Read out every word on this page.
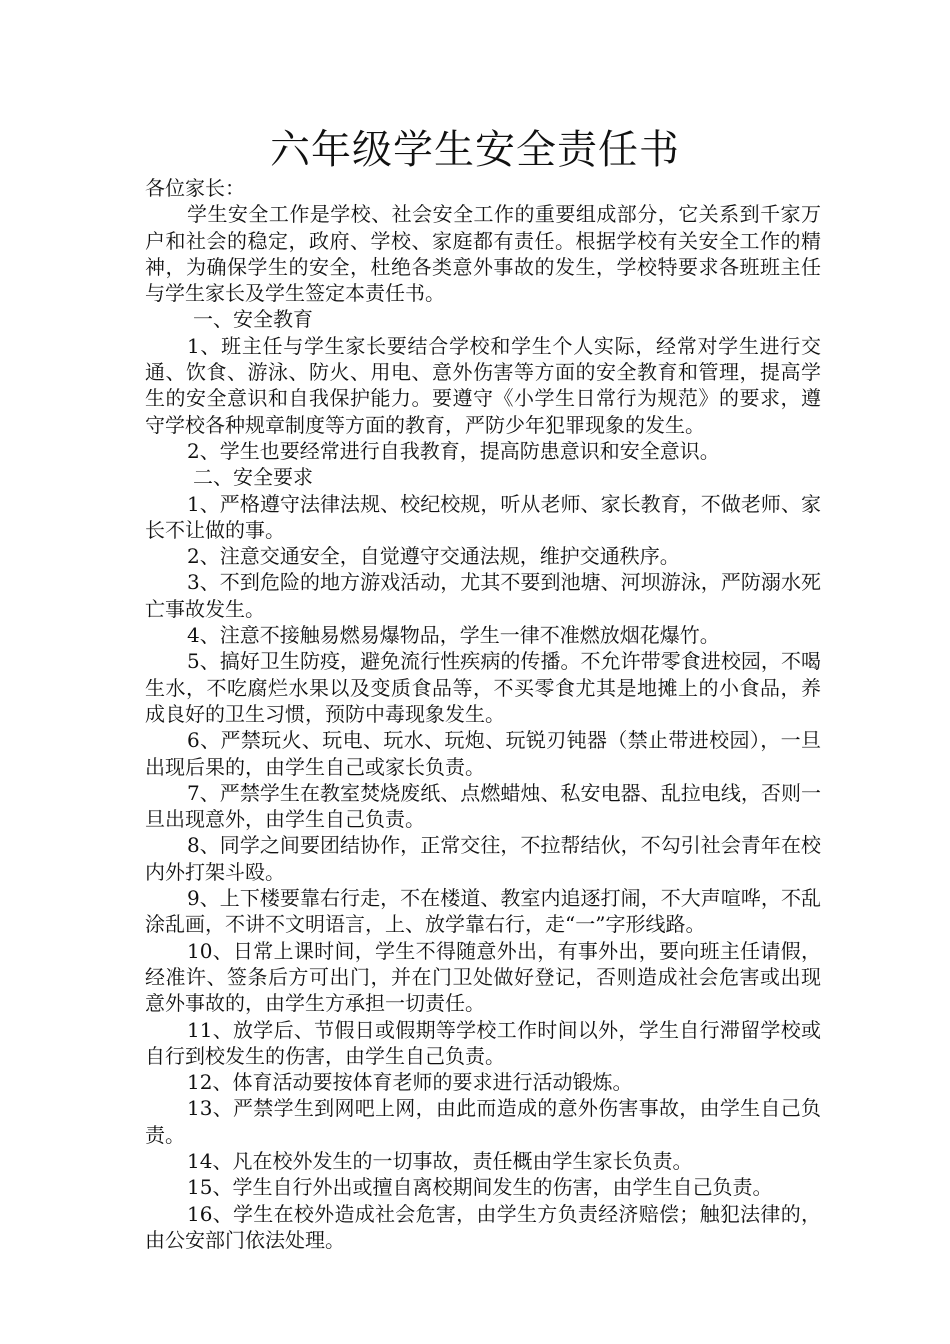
六年级学生安全责任书

各位家长：

学生安全工作是学校、社会安全工作的重要组成部分，它关系到千家万户和社会的稳定，政府、学校、家庭都有责任。根据学校有关安全工作的精神，为确保学生的安全，杜绝各类意外事故的发生，学校特要求各班班主任与学生家长及学生签定本责任书。

一、安全教育

1、班主任与学生家长要结合学校和学生个人实际，经常对学生进行交通、饮食、游泳、防火、用电、意外伤害等方面的安全教育和管理，提高学生的安全意识和自我保护能力。要遵守《小学生日常行为规范》的要求，遵守学校各种规章制度等方面的教育，严防少年犯罪现象的发生。

2、学生也要经常进行自我教育，提高防患意识和安全意识。

二、安全要求

1、严格遵守法律法规、校纪校规，听从老师、家长教育，不做老师、家长不让做的事。

2、注意交通安全，自觉遵守交通法规，维护交通秩序。

3、不到危险的地方游戏活动，尤其不要到池塘、河坝游泳，严防溺水死亡事故发生。

4、注意不接触易燃易爆物品，学生一律不准燃放烟花爆竹。

5、搞好卫生防疫，避免流行性疾病的传播。不允许带零食进校园，不喝生水，不吃腐烂水果以及变质食品等，不买零食尤其是地摊上的小食品，养成良好的卫生习惯，预防中毒现象发生。

6、严禁玩火、玩电、玩水、玩炮、玩锐刃钝器（禁止带进校园），一旦出现后果的，由学生自己或家长负责。

7、严禁学生在教室焚烧废纸、点燃蜡烛、私安电器、乱拉电线，否则一旦出现意外，由学生自己负责。

8、同学之间要团结协作，正常交往，不拉帮结伙，不勾引社会青年在校内外打架斗殴。

9、上下楼要靠右行走，不在楼道、教室内追逐打闹，不大声喧哗，不乱涂乱画，不讲不文明语言，上、放学靠右行，走“一”字形线路。

10、日常上课时间，学生不得随意外出，有事外出，要向班主任请假，经准许、签条后方可出门，并在门卫处做好登记，否则造成社会危害或出现意外事故的，由学生方承担一切责任。

11、放学后、节假日或假期等学校工作时间以外，学生自行滞留学校或自行到校发生的伤害，由学生自己负责。

12、体育活动要按体育老师的要求进行活动锻炼。

13、严禁学生到网吧上网，由此而造成的意外伤害事故，由学生自己负责。

14、凡在校外发生的一切事故，责任概由学生家长负责。

15、学生自行外出或擅自离校期间发生的伤害，由学生自己负责。

16、学生在校外造成社会危害，由学生方负责经济赔偿；触犯法律的，由公安部门依法处理。
